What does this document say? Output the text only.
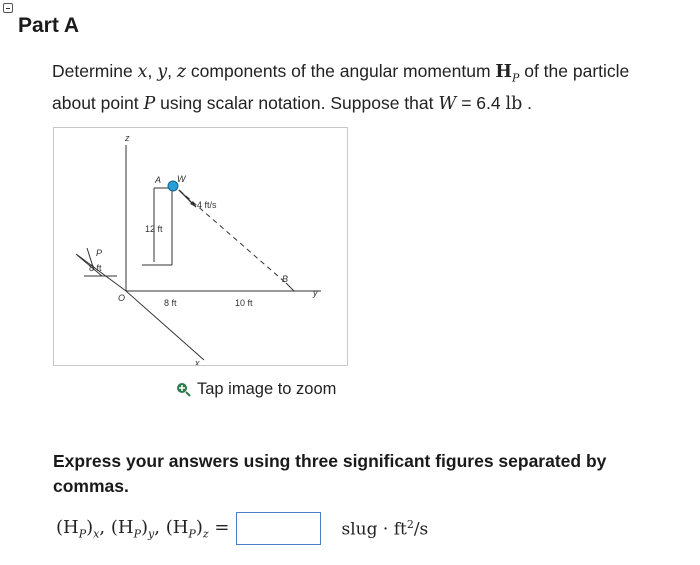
Part A
Determine x, y, z components of the angular momentum $H_P$ of the particle about point P using scalar notation. Suppose that W = 6.4 lb .
z
A W
4 ft/s
12 ft
P
8 ft
O	8 ft	10 ft
B
y
x
Tap image to zoom
Express your answers using three significant figures separated by commas.
$(H_P)_x$, $(H_P)_y$, $(H_P)_z$ =	slug · $ft^2/s$
